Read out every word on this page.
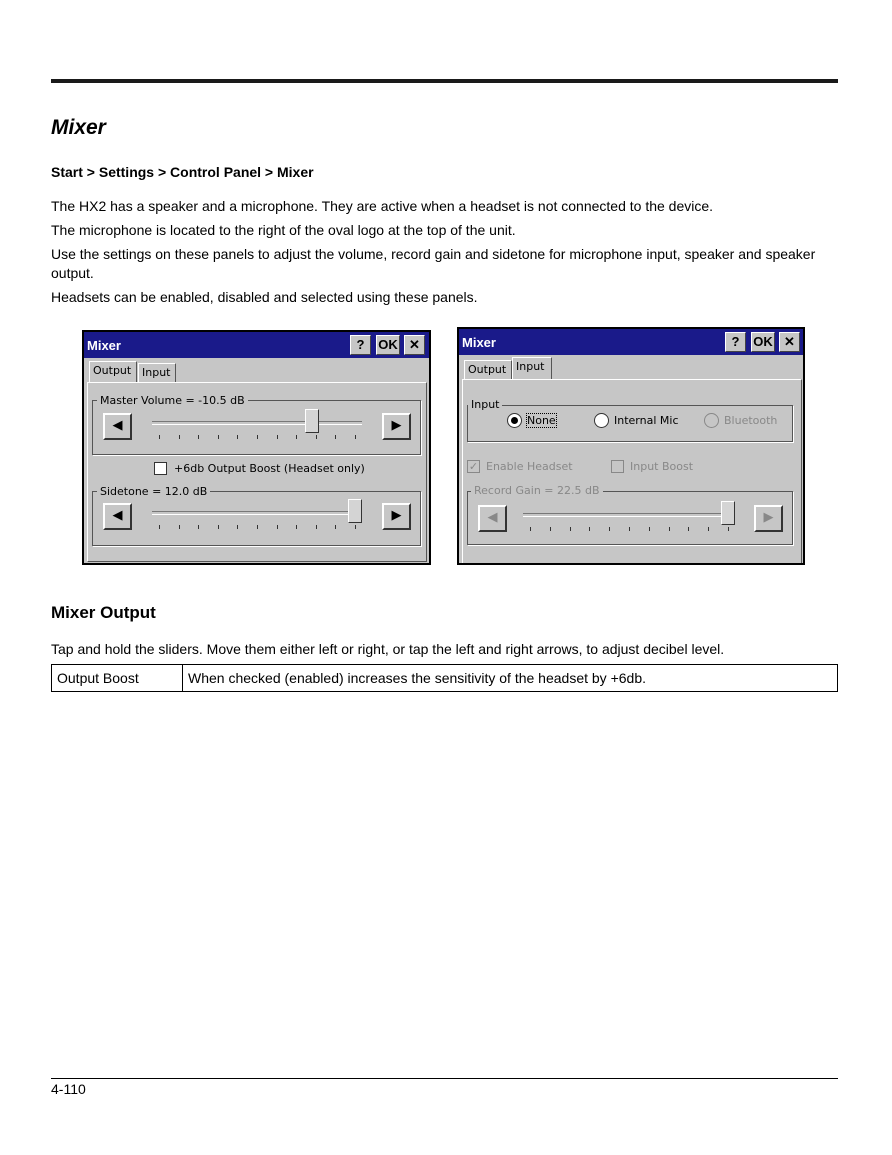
Mixer
Start > Settings > Control Panel > Mixer
The HX2 has a speaker and a microphone. They are active when a headset is not connected to the device.
The microphone is located to the right of the oval logo at the top of the unit.
Use the settings on these panels to adjust the volume, record gain and sidetone for microphone input, speaker and speaker output.
Headsets can be enabled, disabled and selected using these panels.
Mixer	?	OK ✕
Output Input
Master Volume = -10.5 dB
◀	▶
+6db Output Boost (Headset only)
Sidetone = 12.0 dB
◀	▶
Mixer	?	OK ✕
Output Input
Input
None	Internal Mic	Bluetooth
✓ Enable Headset	Input Boost
Record Gain = 22.5 dB
◀	▶
Mixer Output
Tap and hold the sliders. Move them either left or right, or tap the left and right arrows, to adjust decibel level.
Output Boost	When checked (enabled) increases the sensitivity of the headset by +6db.
4-110
